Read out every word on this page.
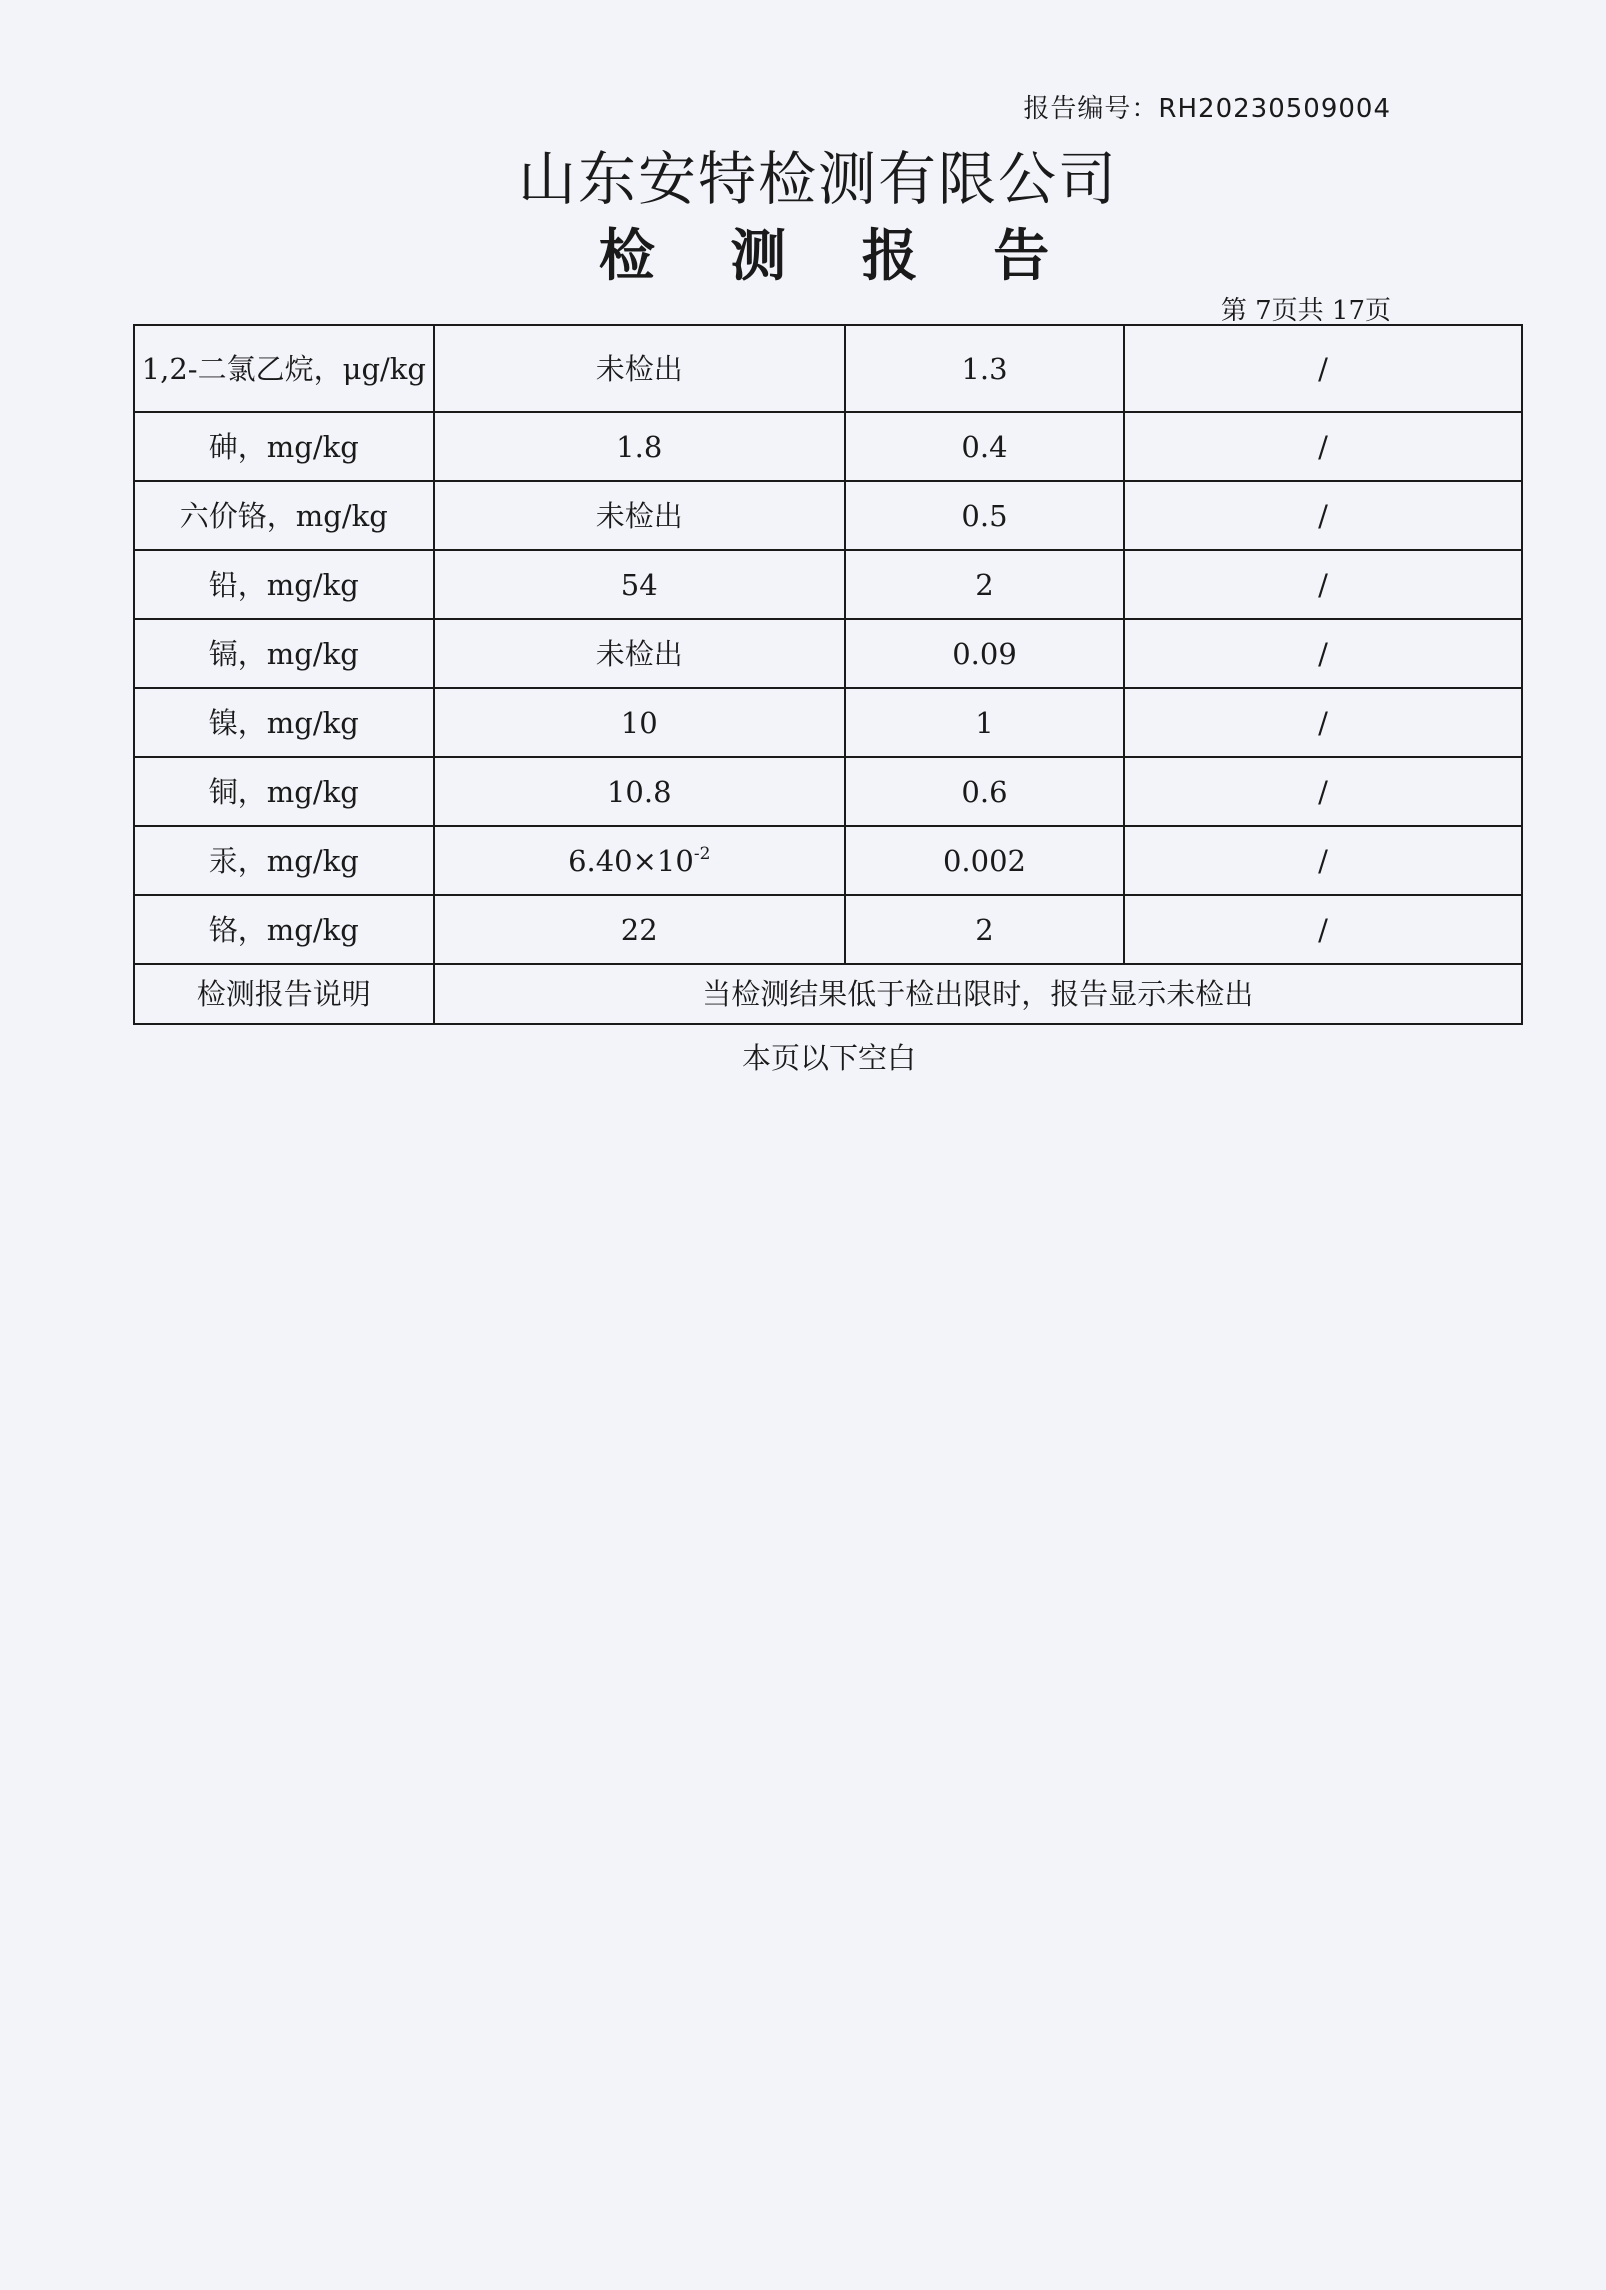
报告编号：RH20230509004
山东安特检测有限公司
检 测 报 告
第 7页共 17页
1,2-二氯乙烷，μg/kg	未检出	1.3	/
砷，mg/kg	1.8	0.4	/
六价铬，mg/kg	未检出	0.5	/
铅，mg/kg	54	2	/
镉，mg/kg	未检出	0.09	/
镍，mg/kg	10	1	/
铜，mg/kg	10.8	0.6	/
汞，mg/kg	$6.40\times 10^{-2}$	0.002	/
铬，mg/kg	22	2	/
检测报告说明	当检测结果低于检出限时，报告显示未检出		
本页以下空白
